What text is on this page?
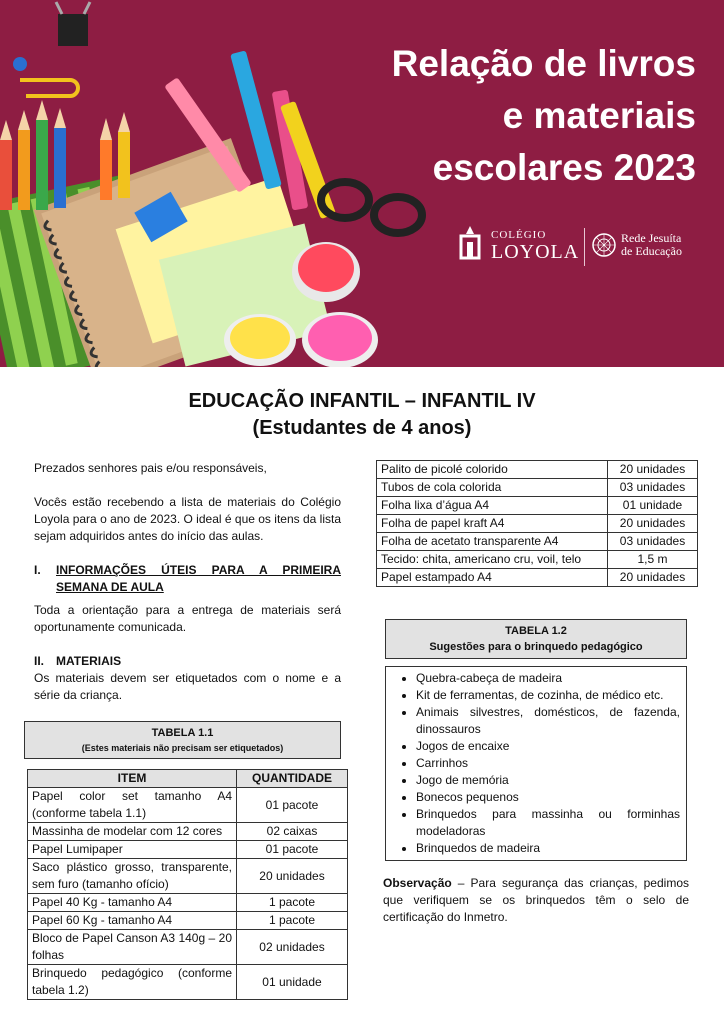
Relação de livros
e materiais
escolares 2023
COLÉGIO
LOYOLA
Rede Jesuíta
de Educação
EDUCAÇÃO INFANTIL – INFANTIL IV
(Estudantes de 4 anos)

Prezados senhores pais e/ou responsáveis,

Vocês estão recebendo a lista de materiais do Colégio Loyola para o ano de 2023. O ideal é que os itens da lista sejam adquiridos antes do início das aulas.

I.	INFORMAÇÕES ÚTEIS PARA A PRIMEIRA SEMANA DE AULA

Toda a orientação para a entrega de materiais será oportunamente comunicada.

II. MATERIAIS

Os materiais devem ser etiquetados com o nome e a série da criança.

TABELA 1.1
(Estes materiais não precisam ser etiquetados)
ITEM	QUANTIDADE
Papel color set tamanho A4 (conforme tabela 1.1)	01 pacote
Massinha de modelar com 12 cores	02 caixas
Papel Lumipaper	01 pacote
Saco plástico grosso, transparente, sem furo (tamanho ofício)	20 unidades
Papel 40 Kg - tamanho A4	1 pacote
Papel 60 Kg - tamanho A4	1 pacote
Bloco de Papel Canson A3 140g – 20 folhas	02 unidades
Brinquedo pedagógico (conforme tabela 1.2)	01 unidade
Palito de picolé colorido	20 unidades
Tubos de cola colorida	03 unidades
Folha lixa d’água A4	01 unidade
Folha de papel kraft A4	20 unidades
Folha de acetato transparente A4	03 unidades
Tecido: chita, americano cru, voil, telo	1,5 m
Papel estampado A4	20 unidades
TABELA 1.2
Sugestões para o brinquedo pedagógico
• Quebra-cabeça de madeira
• Kit de ferramentas, de cozinha, de médico etc.
• Animais silvestres, domésticos, de fazenda, dinossauros
• Jogos de encaixe
• Carrinhos
• Jogo de memória
• Bonecos pequenos
• Brinquedos para massinha ou forminhas modeladoras
• Brinquedos de madeira

Observação – Para segurança das crianças, pedimos que verifiquem se os brinquedos têm o selo de certificação do Inmetro.
